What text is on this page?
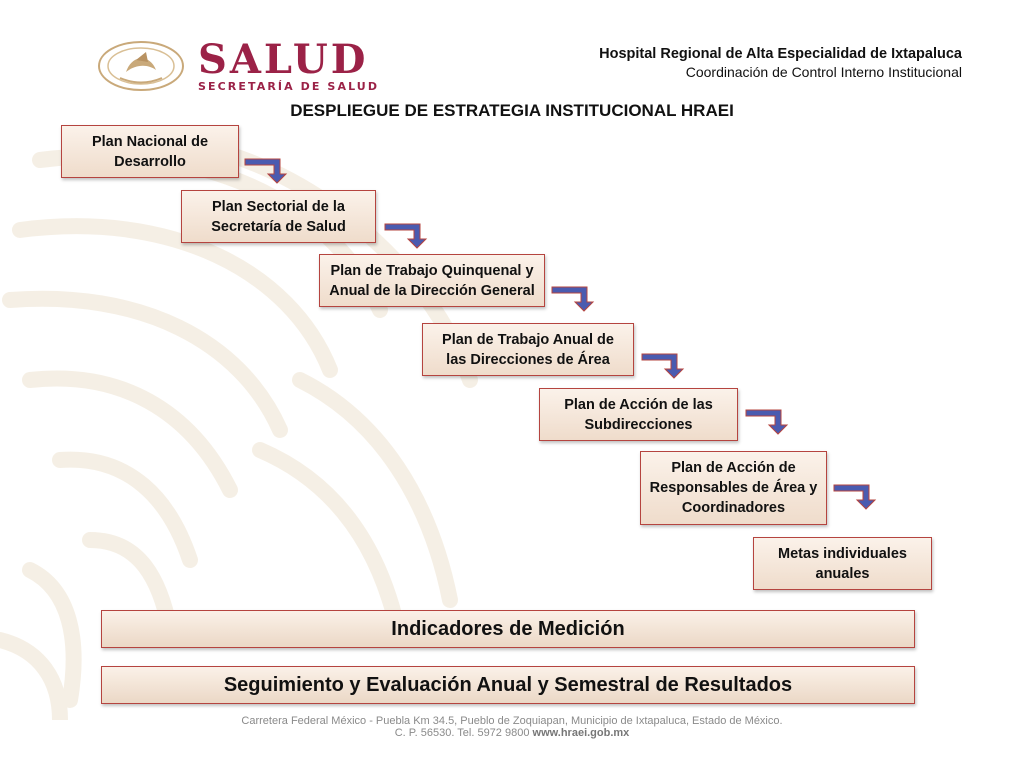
SALUD
SECRETARÍA DE SALUD
Hospital Regional de Alta Especialidad de Ixtapaluca
Coordinación de Control Interno Institucional
DESPLIEGUE DE ESTRATEGIA INSTITUCIONAL HRAEI
Plan Nacional de
Desarrollo
Plan Sectorial de la
Secretaría de Salud
Plan de Trabajo Quinquenal y
Anual de la Dirección General
Plan de Trabajo Anual de
las Direcciones de Área
Plan de Acción de las
Subdirecciones
Plan de Acción de
Responsables de Área y
Coordinadores
Metas individuales
anuales
Indicadores de Medición
Seguimiento y Evaluación Anual y Semestral de Resultados
Carretera Federal México - Puebla Km 34.5, Pueblo de Zoquiapan, Municipio de Ixtapaluca, Estado de México.
C. P. 56530. Tel. 5972 9800 www.hraei.gob.mx
